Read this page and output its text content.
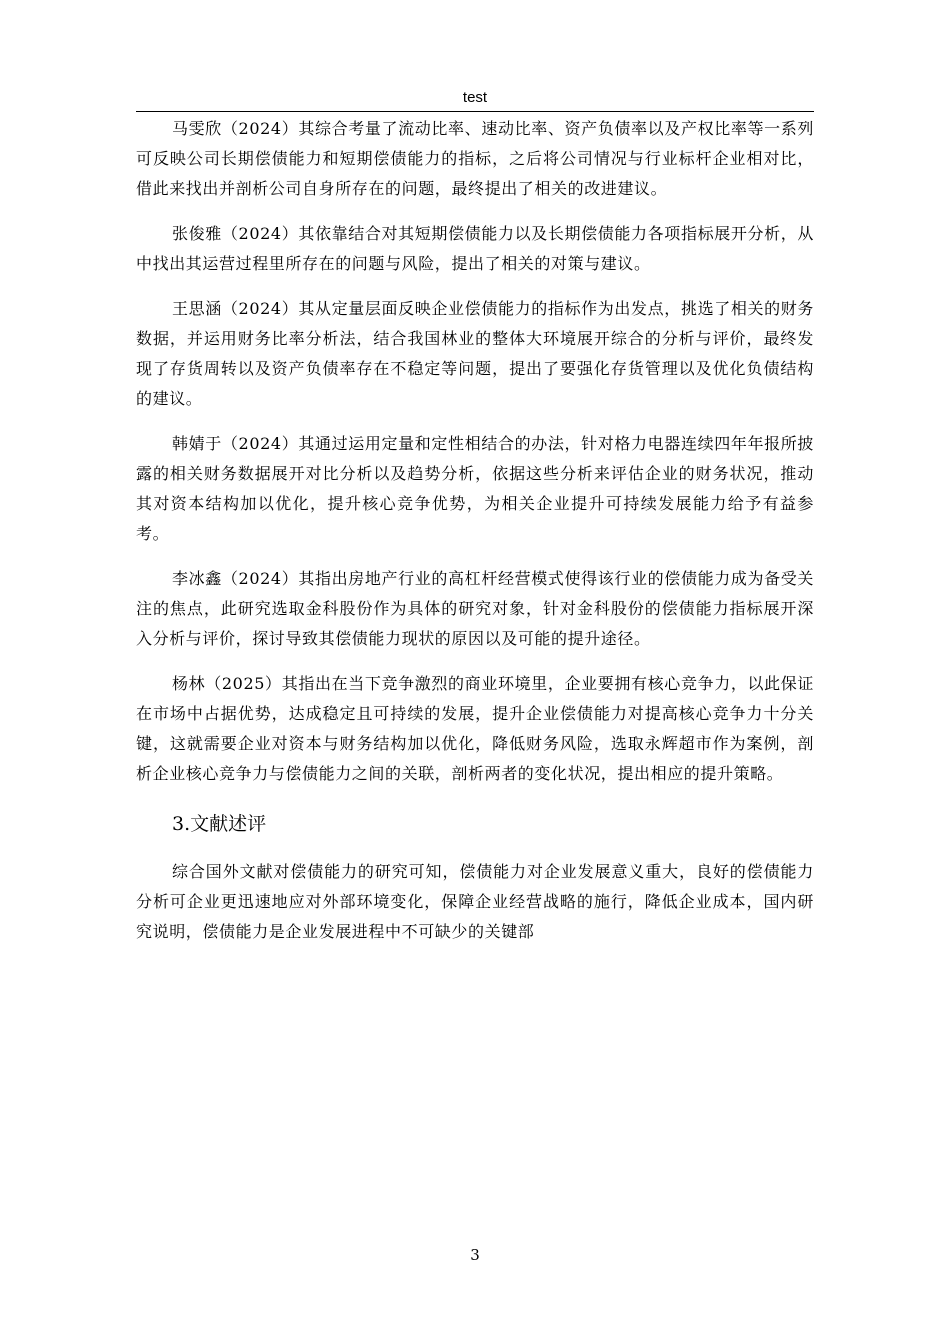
test

马雯欣（2024）其综合考量了流动比率、速动比率、资产负债率以及产权比率等一系列可反映公司长期偿债能力和短期偿债能力的指标，之后将公司情况与行业标杆企业相对比，借此来找出并剖析公司自身所存在的问题，最终提出了相关的改进建议。

张俊雅（2024）其依靠结合对其短期偿债能力以及长期偿债能力各项指标展开分析，从中找出其运营过程里所存在的问题与风险，提出了相关的对策与建议。

王思涵（2024）其从定量层面反映企业偿债能力的指标作为出发点，挑选了相关的财务数据，并运用财务比率分析法，结合我国林业的整体大环境展开综合的分析与评价，最终发现了存货周转以及资产负债率存在不稳定等问题，提出了要强化存货管理以及优化负债结构的建议。

韩婧于（2024）其通过运用定量和定性相结合的办法，针对格力电器连续四年年报所披露的相关财务数据展开对比分析以及趋势分析，依据这些分析来评估企业的财务状况，推动其对资本结构加以优化，提升核心竞争优势，为相关企业提升可持续发展能力给予有益参考。

李冰鑫（2024）其指出房地产行业的高杠杆经营模式使得该行业的偿债能力成为备受关注的焦点，此研究选取金科股份作为具体的研究对象，针对金科股份的偿债能力指标展开深入分析与评价，探讨导致其偿债能力现状的原因以及可能的提升途径。

杨林（2025）其指出在当下竞争激烈的商业环境里，企业要拥有核心竞争力，以此保证在市场中占据优势，达成稳定且可持续的发展，提升企业偿债能力对提高核心竞争力十分关键，这就需要企业对资本与财务结构加以优化，降低财务风险，选取永辉超市作为案例，剖析企业核心竞争力与偿债能力之间的关联，剖析两者的变化状况，提出相应的提升策略。

3.文献述评

综合国外文献对偿债能力的研究可知，偿债能力对企业发展意义重大，良好的偿债能力分析可企业更迅速地应对外部环境变化，保障企业经营战略的施行，降低企业成本，国内研究说明，偿债能力是企业发展进程中不可缺少的关键部

3
